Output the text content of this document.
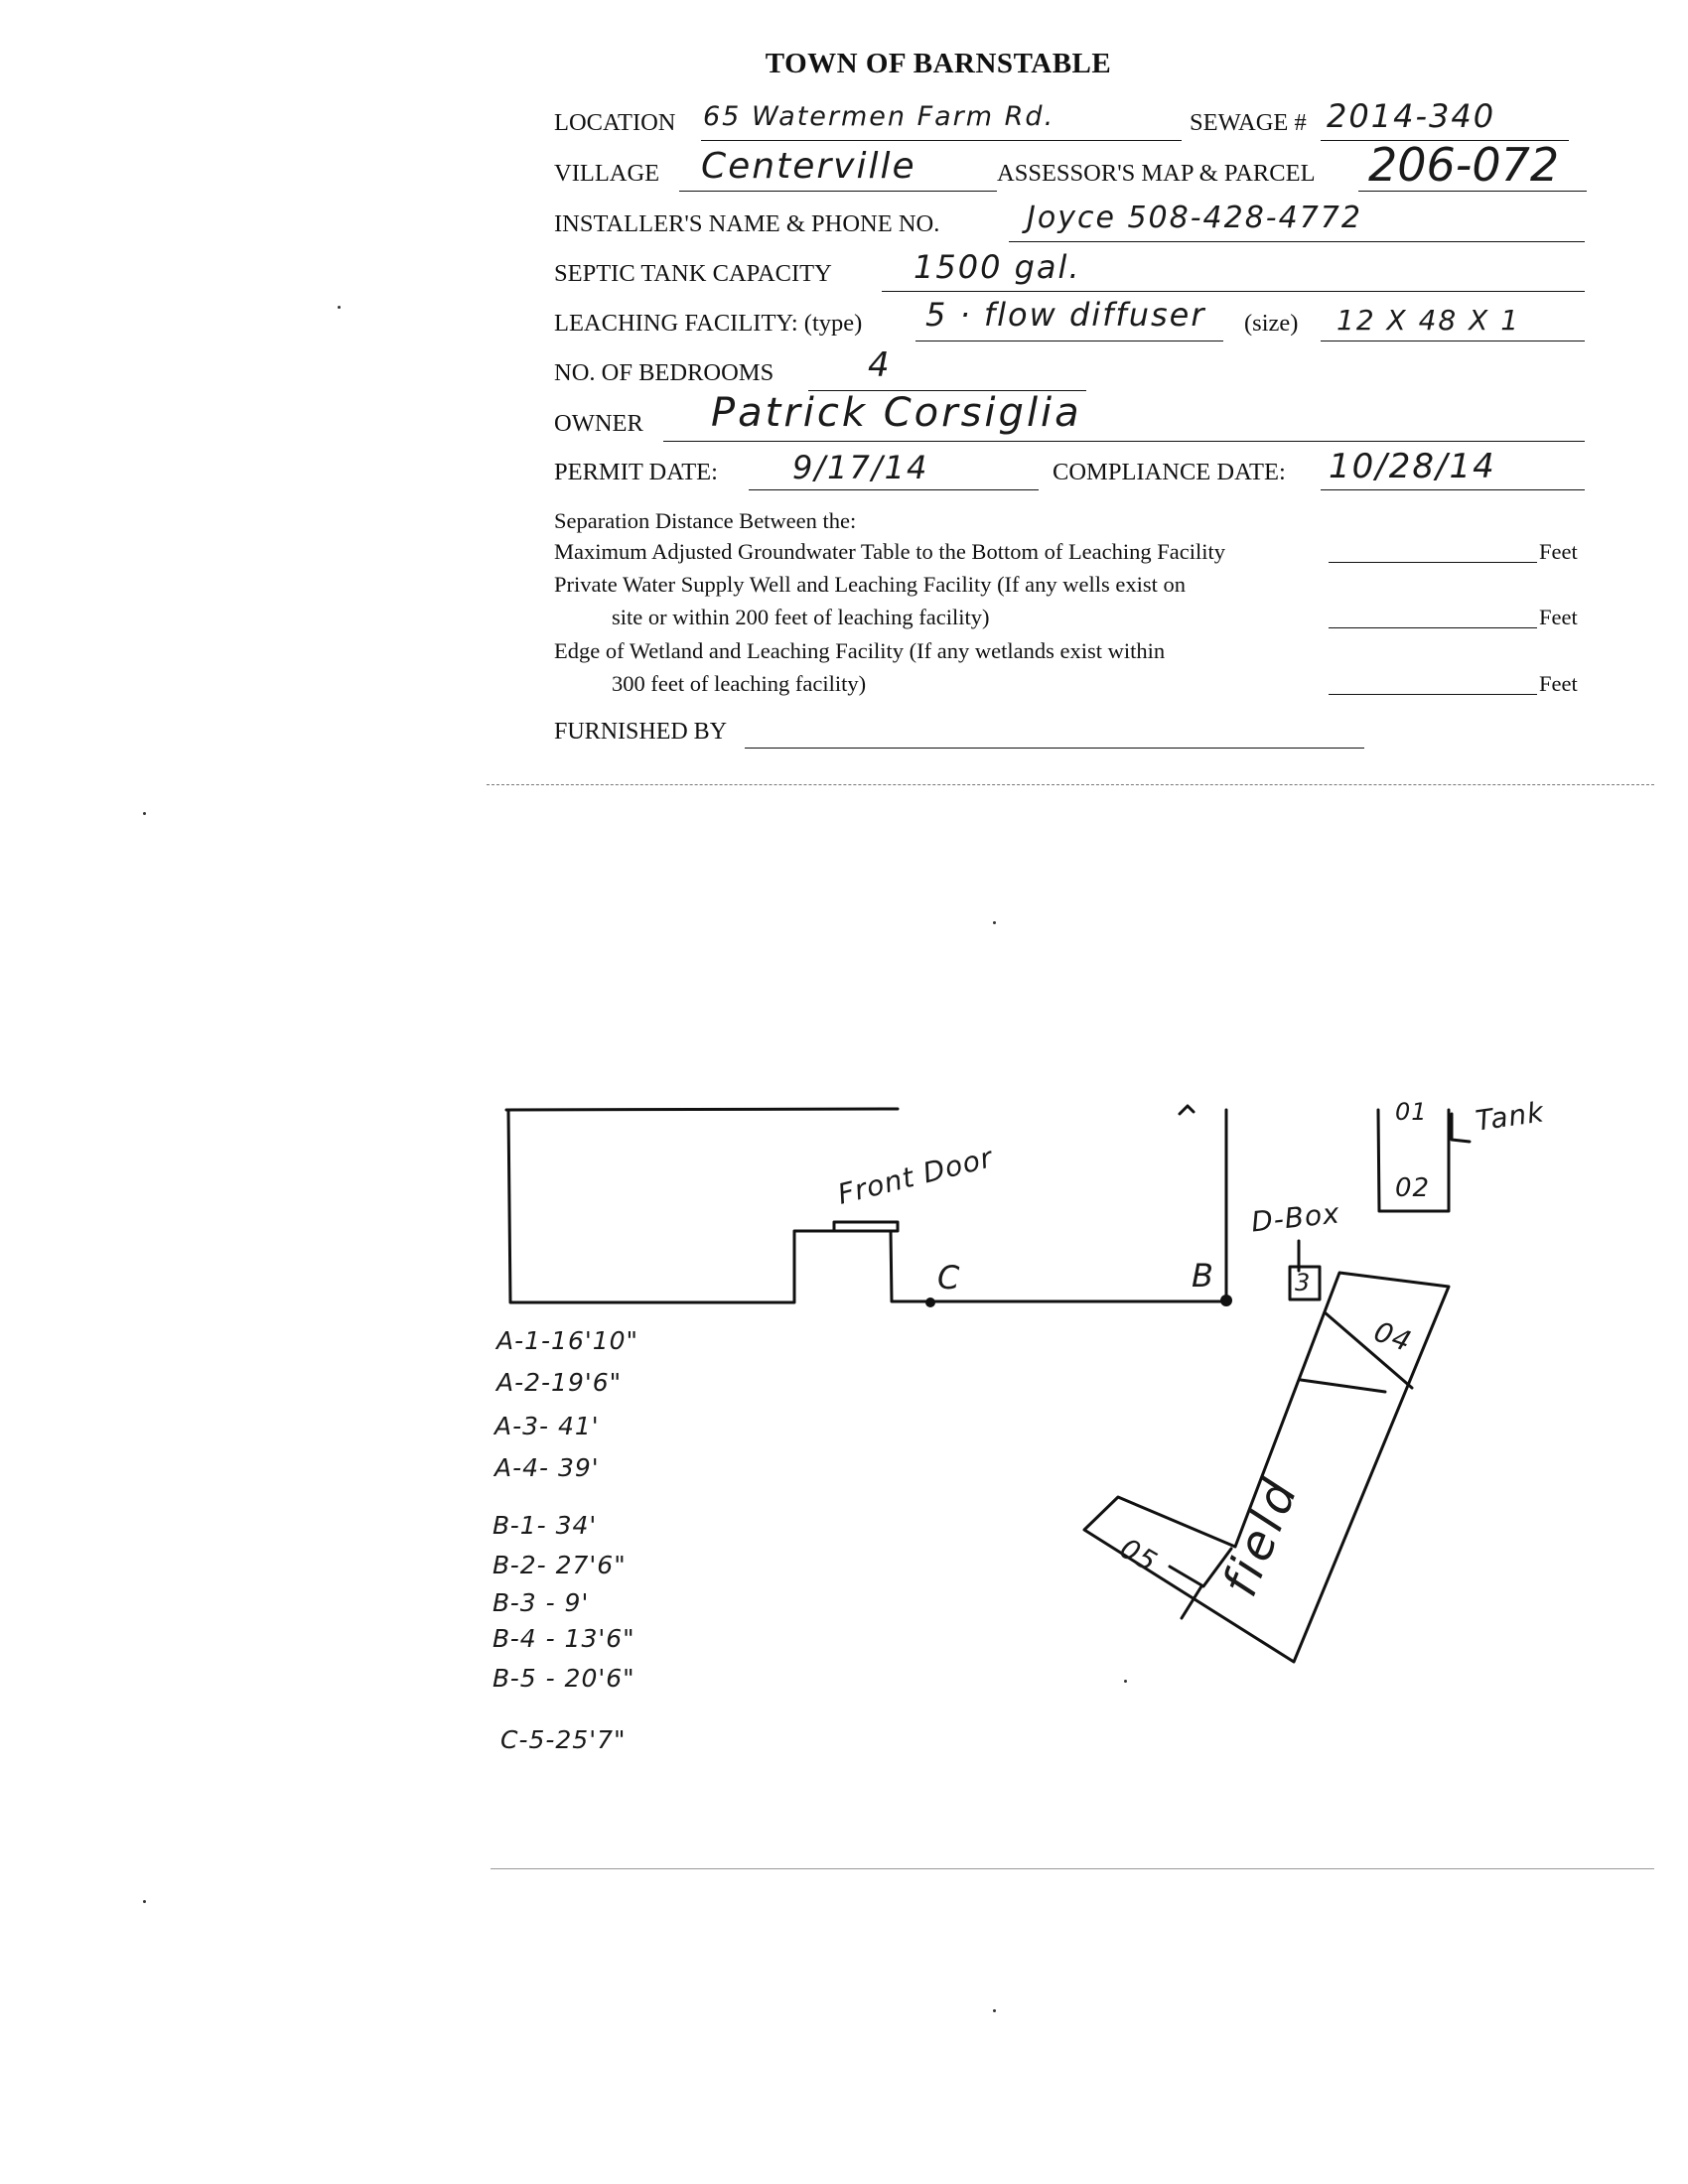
TOWN OF BARNSTABLE
LOCATION 65 Watermen Farm Rd.	SEWAGE # 2014-340
VILLAGE Centerville	ASSESSOR'S MAP & PARCEL 206-072
INSTALLER'S NAME & PHONE NO.	Joyce 508-428-4772
SEPTIC TANK CAPACITY	1500 gal.
LEACHING FACILITY: (type) 5 · flow diffuser (size) 12 X 48 X 1
NO. OF BEDROOMS	4
OWNER Patrick Corsiglia
PERMIT DATE: 9/17/14	COMPLIANCE DATE: 10/28/14
Separation Distance Between the:
Maximum Adjusted Groundwater Table to the Bottom of Leaching Facility	Feet
Private Water Supply Well and Leaching Facility (If any wells exist on
site or within 200 feet of leaching facility)	Feet
Edge of Wetland and Leaching Facility (If any wetlands exist within
300 feet of leaching facility)	Feet
FURNISHED BY
Front Door
C	B
D-Box
3
Tank
01
02
04
05 field
A-1-16'10"
A-2-19'6"
A-3- 41'
A-4- 39'
B-1- 34'
B-2- 27'6"
B-3 - 9'
B-4 - 13'6"
B-5 - 20'6"
C-5-25'7"
